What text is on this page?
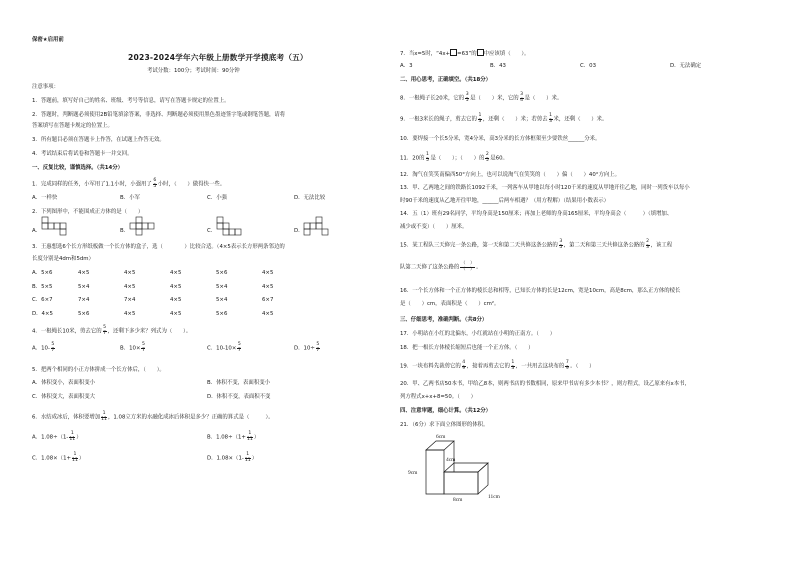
保密★启用前
2023-2024学年六年级上册数学开学摸底考（五）
考试分数：100分；考试时间：90分钟
注意事项：
1．答题前，填写好自己的姓名、班级、考号等信息，请写在答题卡规定的位置上。
2．答题时，判断题必须使用2B铅笔填涂答案，非选择、判断题必须使用黑色墨迹签字笔或钢笔答题，请将
答案填写在答题卡规定的位置上。
3．所有题目必须在答题卡上作答，在试题上作答无效。
4．考试结束后将试卷和答题卡一并交回。
一、反复比较，谨慎选择。（共14分）
1．完成同样的任务，小军用了1.1小时，小强用了 $\frac{6}{5}$ 小时，（　　）做得快一些。
A．一样快	B．小军	C．小强	D．无法比较
2．下列图形中，不能围成正方体的是（　　）
A．	B．	C．	D．
3．王惠想选6个长方形纸板做一个长方体的盒子，选（　　　　）比较合适。（4×5表示长方形两条邻边的
长度分别是4dm和5dm）
A．5×6	4×5	4×5	4×5	5×6	4×5
B．5×5	5×4	4×5	4×5	5×4	4×5
C．6×7	7×4	7×4	4×5	5×4	6×7
D．4×5	5×6	4×5	4×5	5×6	4×5
4．一根绳长10米，剪去它的 $\frac{5}{7}$ ，还剩下多少米？列式为（　　）。
A．$10- \frac{5}{7}$	B．$10\times \frac{5}{7}$	C．$10-10\times \frac{5}{7}$	D．$10\div \frac{5}{7}$
5．把两个相同的小正方体拼成一个长方体后，（　　）。
A．体积变小，表面积变小	B．体积不变，表面积变小
C．体积变大，表面积变大	D．体积不变，表面积不变
6．水结成冰后，体积要增加 $\frac{1}{11}$ ，1.08立方米的水融化成冰后体积是多少？正确的算式是（　　　）。
A．$1.08\div(1- \frac{1}{11}$ ）	B．$1.08\div(1+ \frac{1}{11}$ ）
C．$1.08\times(1+ \frac{1}{11}$ ）	D．$1.08\times(1- \frac{1}{11}$ ）
7．当x=5时，“4x+ =63”的 中应该填（　　）。
A．3	B．43	C．03	D．无法确定
二、用心思考，正确填空。（共18分）
8．一根绳子长20米，它的 $\frac{3}{5}$ 是（　　）米，它的 $\frac{3}{4}$ 是（　　）米。
9．一根3米长的绳子，剪去它的 $\frac{1}{3}$ ，还剩（　　）米；若剪去 $\frac{1}{3}$ 米，还剩（　　）米。
10．要焊接一个长5分米，宽4分米，高3分米的长方体框架至少要铁丝______分米。
11．20的 $\frac{1}{5}$ 是（　　）；（　　）的 $\frac{2}{5}$ 是60。
12．淘气在笑笑南偏西50°方向上，也可以说淘气在笑笑的（　　）偏（　　）40°方向上。
13．甲、乙两地之间的铁路长1092千米，一列客车从甲地以每小时120千米的速度从甲地开往乙地，同时一列货车以每小
时90千米的速度从乙地开往甲地，______后两车相遇？（用方程解）（结果用小数表示）
14．五（1）班有29名同学，平均身高是150厘米；再加上老师的身高165厘米，平均身高会（　　　）（填增加、
减少或不变）（　　）厘米。
15．某工程队三天修完一条公路，第一天和第二天共修这条公路的 $\frac{3}{5}$ ，第二天和第三天共修这条公路的 $\frac{2}{3}$ ，该工程
队第二天修了这条公路的 $\frac{( )}{( )}$ 。
16．一个长方体和一个正方体的棱长总和相等，已知长方体的长是12cm，宽是10cm，高是8cm，那么正方体的棱长
是（　　）cm，表面积是（　　）cm²。
三、仔细思考，准确判断。（共8分）
17．小明站在小红的北偏东，小红就站在小明的正南方。（　　）
18．把一根长方体棱长缩短后也能一个正方体。（　　）
19．一块布料先裁剪它的 $\frac{4}{9}$ ，接着再剪去它的 $\frac{1}{3}$ ，一共用去这块布的 $\frac{7}{9}$ 。（　　）
20．甲、乙两书店50本书，甲给乙8本，则两书店的书数相同，原来甲书店有多少本书？，则方程式，设乙原来有x本书，
列方程式x+x+8=50。（　　）
四、注意审题，细心计算。（共12分）
21．（6分）求下面立体图形的体积。
6cm
9cm
4cm
8cm	11cm
